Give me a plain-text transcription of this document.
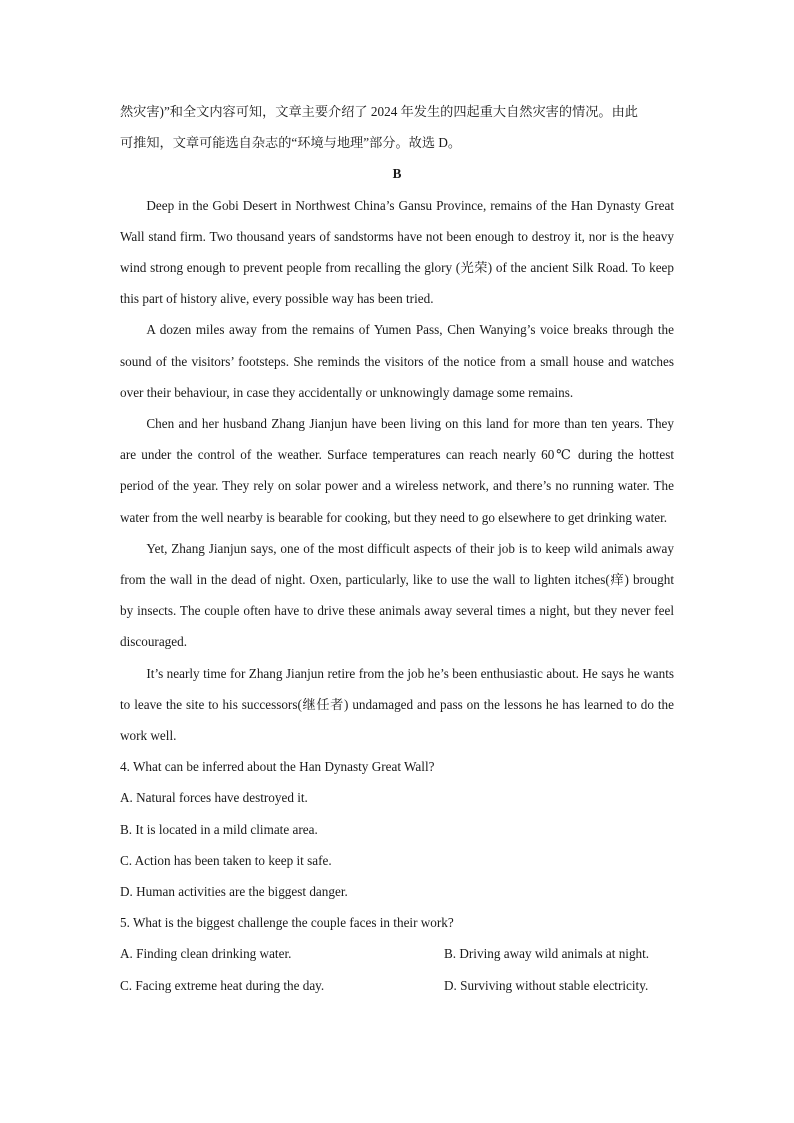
然灾害)”和全文内容可知，文章主要介绍了 2024 年发生的四起重大自然灾害的情况。由此

可推知，文章可能选自杂志的“环境与地理”部分。故选 D。

B

Deep in the Gobi Desert in Northwest China’s Gansu Province, remains of the Han Dynasty Great Wall stand firm. Two thousand years of sandstorms have not been enough to destroy it, nor is the heavy wind strong enough to prevent people from recalling the glory (光荣) of the ancient Silk Road. To keep this part of history alive, every possible way has been tried.

A dozen miles away from the remains of Yumen Pass, Chen Wanying’s voice breaks through the sound of the visitors’ footsteps. She reminds the visitors of the notice from a small house and watches over their behaviour, in case they accidentally or unknowingly damage some remains.

Chen and her husband Zhang Jianjun have been living on this land for more than ten years. They are under the control of the weather. Surface temperatures can reach nearly 60℃ during the hottest period of the year. They rely on solar power and a wireless network, and there’s no running water. The water from the well nearby is bearable for cooking, but they need to go elsewhere to get drinking water.

Yet, Zhang Jianjun says, one of the most difficult aspects of their job is to keep wild animals away from the wall in the dead of night. Oxen, particularly, like to use the wall to lighten itches(痒) brought by insects. The couple often have to drive these animals away several times a night, but they never feel discouraged.

It’s nearly time for Zhang Jianjun retire from the job he’s been enthusiastic about. He says he wants to leave the site to his successors(继任者) undamaged and pass on the lessons he has learned to do the work well.

4. What can be inferred about the Han Dynasty Great Wall?

A. Natural forces have destroyed it.

B. It is located in a mild climate area.

C. Action has been taken to keep it safe.

D. Human activities are the biggest danger.

5. What is the biggest challenge the couple faces in their work?

A. Finding clean drinking water.	B. Driving away wild animals at night.
C. Facing extreme heat during the day.	D. Surviving without stable electricity.
